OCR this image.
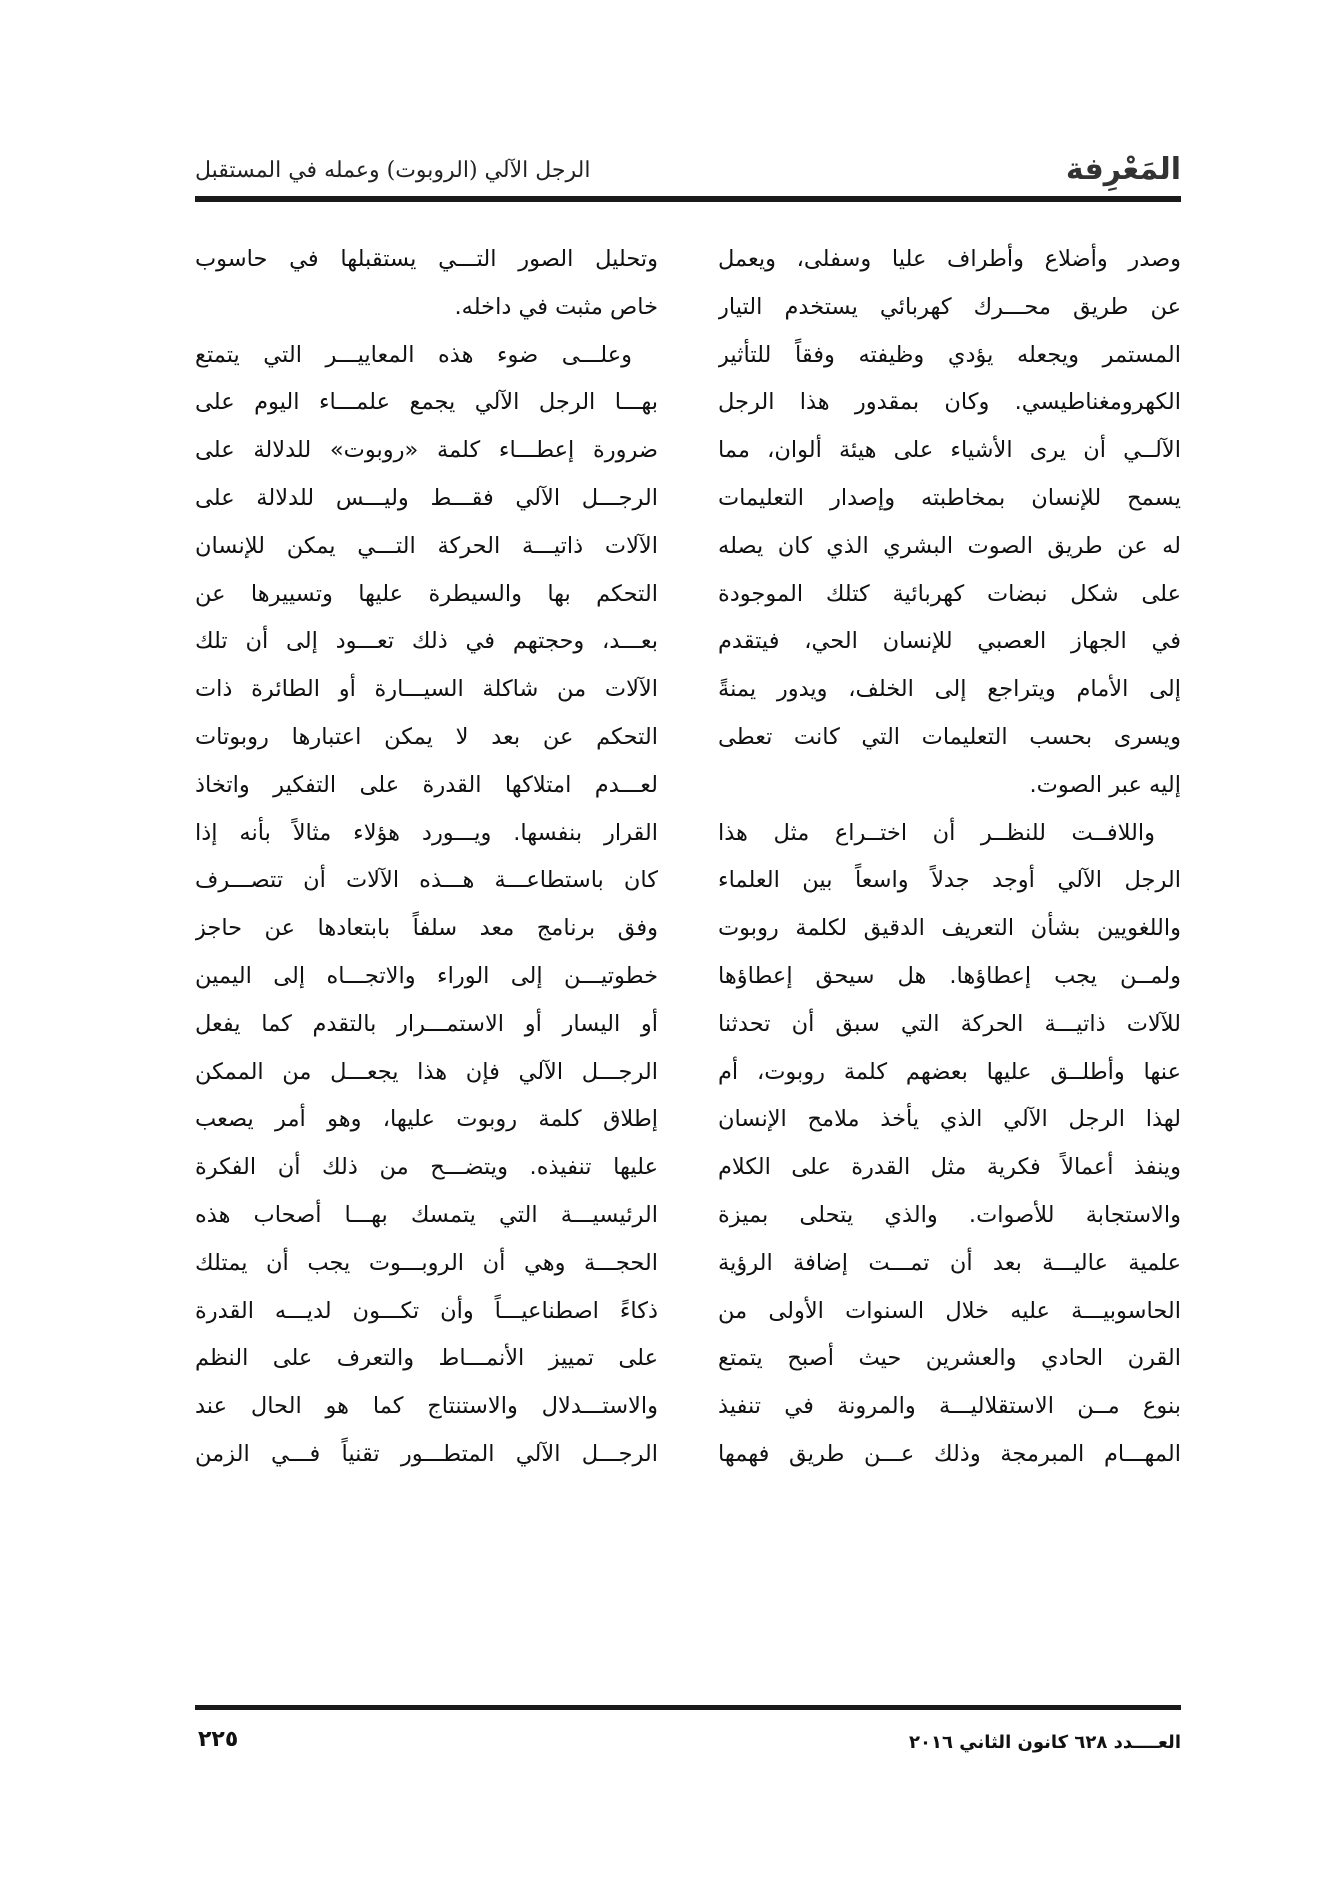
المَعْرِفة
الرجل الآلي (الروبوت) وعمله في المستقبل
وصدر وأضلاع وأطراف عليا وسفلى، ويعمل
عن طريق محـــرك كهربائي يستخدم التيار
المستمر ويجعله يؤدي وظيفته وفقاً للتأثير
الكهرومغناطيسي. وكان بمقدور هذا الرجل
الآلــي أن يرى الأشياء على هيئة ألوان، مما
يسمح للإنسان بمخاطبته وإصدار التعليمات
له عن طريق الصوت البشري الذي كان يصله
على شكل نبضات كهربائية كتلك الموجودة
في الجهاز العصبي للإنسان الحي، فيتقدم
إلى الأمام ويتراجع إلى الخلف، ويدور يمنةً
ويسرى بحسب التعليمات التي كانت تعطى
إليه عبر الصوت.
واللافــت للنظــر أن اختــراع مثل هذا
الرجل الآلي أوجد جدلاً واسعاً بين العلماء
واللغويين بشأن التعريف الدقيق لكلمة روبوت
ولمــن يجب إعطاؤها. هل سيحق إعطاؤها
للآلات ذاتيـــة الحركة التي سبق أن تحدثنا
عنها وأطلــق عليها بعضهم كلمة روبوت، أم
لهذا الرجل الآلي الذي يأخذ ملامح الإنسان
وينفذ أعمالاً فكرية مثل القدرة على الكلام
والاستجابة للأصوات. والذي يتحلى بميزة
علمية عاليـــة بعد أن تمـــت إضافة الرؤية
الحاسوبيـــة عليه خلال السنوات الأولى من
القرن الحادي والعشرين حيث أصبح يتمتع
بنوع مــن الاستقلاليـــة والمرونة في تنفيذ
المهـــام المبرمجة وذلك عـــن طريق فهمها
وتحليل الصور التـــي يستقبلها في حاسوب
خاص مثبت في داخله.
وعلـــى ضوء هذه المعاييـــر التي يتمتع
بهـــا الرجل الآلي يجمع علمـــاء اليوم على
ضرورة إعطـــاء كلمة «روبوت» للدلالة على
الرجـــل الآلي فقـــط وليـــس للدلالة على
الآلات ذاتيـــة الحركة التـــي يمكن للإنسان
التحكم بها والسيطرة عليها وتسييرها عن
بعـــد، وحجتهم في ذلك تعـــود إلى أن تلك
الآلات من شاكلة السيـــارة أو الطائرة ذات
التحكم عن بعد لا يمكن اعتبارها روبوتات
لعـــدم امتلاكها القدرة على التفكير واتخاذ
القرار بنفسها. ويـــورد هؤلاء مثالاً بأنه إذا
كان باستطاعـــة هـــذه الآلات أن تتصـــرف
وفق برنامج معد سلفاً بابتعادها عن حاجز
خطوتيـــن إلى الوراء والاتجـــاه إلى اليمين
أو اليسار أو الاستمـــرار بالتقدم كما يفعل
الرجـــل الآلي فإن هذا يجعـــل من الممكن
إطلاق كلمة روبوت عليها، وهو أمر يصعب
عليها تنفيذه. ويتضـــح من ذلك أن الفكرة
الرئيسيـــة التي يتمسك بهـــا أصحاب هذه
الحجـــة وهي أن الروبـــوت يجب أن يمتلك
ذكاءً اصطناعيـــاً وأن تكـــون لديـــه القدرة
على تمييز الأنمـــاط والتعرف على النظم
والاستـــدلال والاستنتاج كما هو الحال عند
الرجـــل الآلي المتطـــور تقنياً فـــي الزمن
العــــدد ٦٢٨ كانون الثاني ٢٠١٦
٢٢٥
